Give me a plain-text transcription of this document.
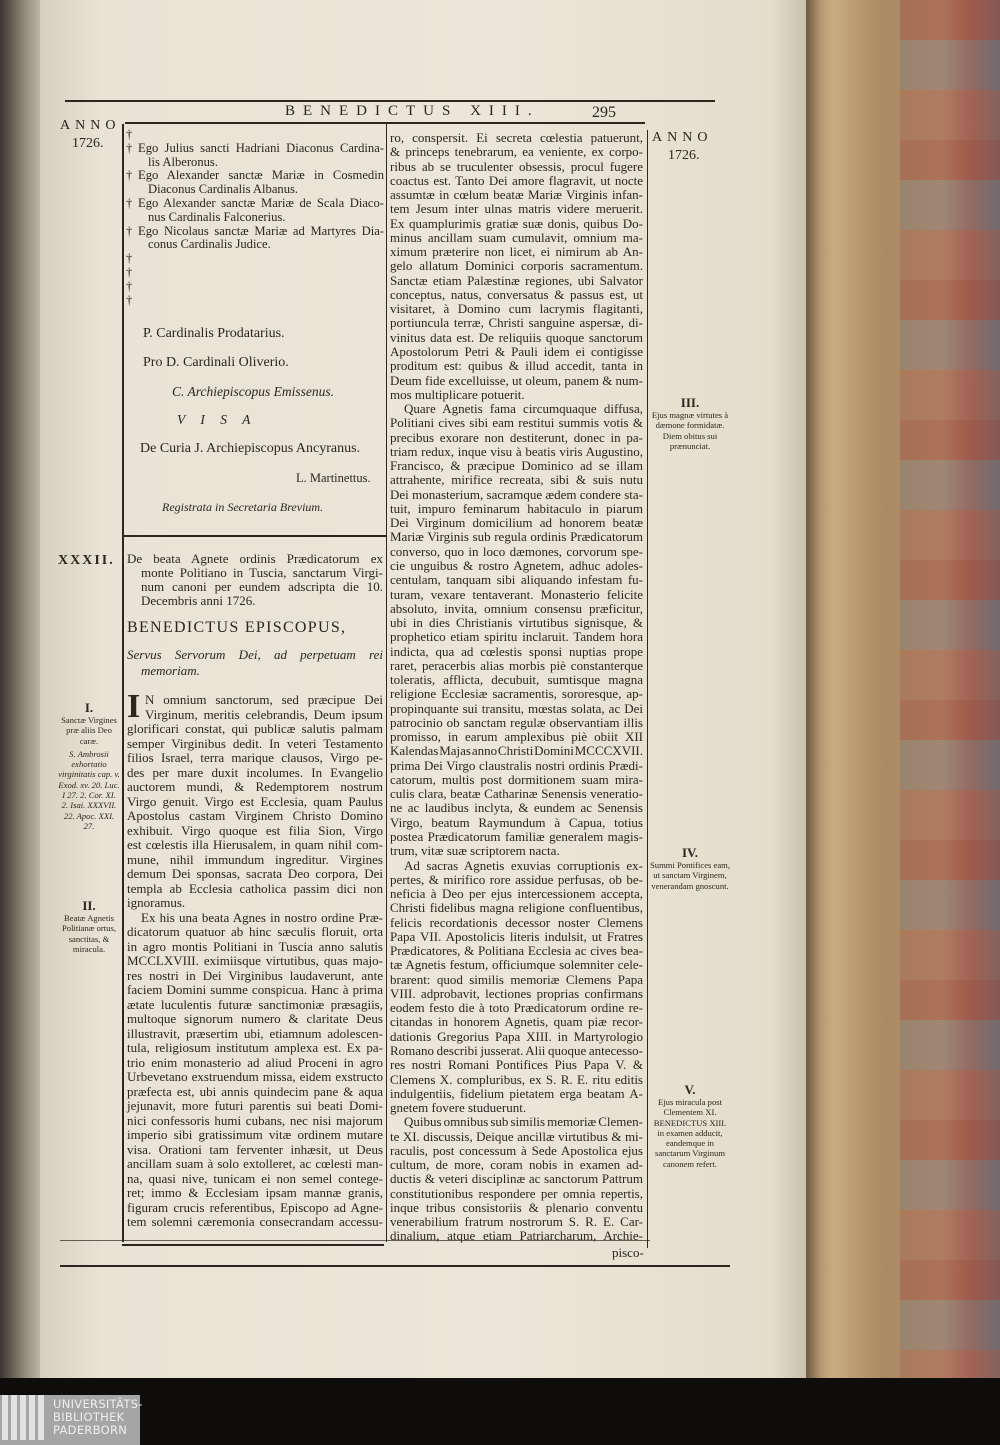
BENEDICTUS XIII.	295
ANNO
1726.	ANNO
1726.
†
† Ego Julius sancti Hadriani Diaconus Cardina-
lis Alberonus.
† Ego Alexander sanctæ Mariæ in Cosmedin
Diaconus Cardinalis Albanus.
† Ego Alexander sanctæ Mariæ de Scala Diaco-
nus Cardinalis Falconerius.
† Ego Nicolaus sanctæ Mariæ ad Martyres Dia-
conus Cardinalis Judice.
†
†
†
†
P. Cardinalis Prodatarius.
Pro D. Cardinali Oliverio.
C. Archiepiscopus Emissenus.
V I S A
De Curia J. Archiepiscopus Ancyranus.
L. Martinettus.
Registrata in Secretaria Brevium.
XXXII. De beata Agnete ordinis Prædicatorum ex
monte Politiano in Tuscia, sanctarum Virgi-
num canoni per eundem adscripta die 10.
Decembris anni 1726.
BENEDICTUS EPISCOPUS,
Servus Servorum Dei, ad perpetuam rei
memoriam.
I N omnium sanctorum, sed præcipue Dei
Virginum, meritis celebrandis, Deum ipsum
glorificari constat, qui publicæ salutis palmam
semper Virginibus dedit. In veteri Testamento
filios Israel, terra marique clausos, Virgo pe-
des per mare duxit incolumes. In Evangelio
auctorem mundi, & Redemptorem nostrum
Virgo genuit. Virgo est Ecclesia, quam Paulus
Apostolus castam Virginem Christo Domino
exhibuit. Virgo quoque est filia Sion, Virgo
est cœlestis illa Hierusalem, in quam nihil com-
mune, nihil immundum ingreditur. Virgines
demum Dei sponsas, sacrata Deo corpora, Dei
templa ab Ecclesia catholica passim dici non
ignoramus.
Ex his una beata Agnes in nostro ordine Præ-
dicatorum quatuor ab hinc sæculis floruit, orta
in agro montis Politiani in Tuscia anno salutis
MCCLXVIII. eximiisque virtutibus, quas majo-
res nostri in Dei Virginibus laudaverunt, ante
faciem Domini summe conspicua. Hanc à prima
ætate luculentis futuræ sanctimoniæ præsagiis,
multoque signorum numero & claritate Deus
illustravit, præsertim ubi, etiamnum adolescen-
tula, religiosum institutum amplexa est. Ex pa-
trio enim monasterio ad aliud Proceni in agro
Urbevetano exstruendum missa, eidem exstructo
præfecta est, ubi annis quindecim pane & aqua
jejunavit, more futuri parentis sui beati Domi-
nici confessoris humi cubans, nec nisi majorum
imperio sibi gratissimum vitæ ordinem mutare
visa. Orationi tam ferventer inhæsit, ut Deus
ancillam suam à solo extolleret, ac cœlesti man-
na, quasi nive, tunicam ei non semel contege-
ret; immo & Ecclesiam ipsam mannæ granis,
figuram crucis referentibus, Episcopo ad Agne-
tem solemni cæremonia consecrandam accessu-
ro, conspersit. Ei secreta cœlestia patuerunt,
& princeps tenebrarum, ea veniente, ex corpo-
ribus ab se truculenter obsessis, procul fugere
coactus est. Tanto Dei amore flagravit, ut nocte
assumtæ in cœlum beatæ Mariæ Virginis infan-
tem Jesum inter ulnas matris videre meruerit.
Ex quamplurimis gratiæ suæ donis, quibus Do-
minus ancillam suam cumulavit, omnium ma-
ximum præterire non licet, ei nimirum ab An-
gelo allatum Dominici corporis sacramentum.
Sanctæ etiam Palæstinæ regiones, ubi Salvator
conceptus, natus, conversatus & passus est, ut
visitaret, à Domino cum lacrymis flagitanti,
portiuncula terræ, Christi sanguine aspersæ, di-
vinitus data est. De reliquiis quoque sanctorum
Apostolorum Petri & Pauli idem ei contigisse
proditum est: quibus & illud accedit, tanta in
Deum fide excelluisse, ut oleum, panem & num-
mos multiplicare potuerit.
Quare Agnetis fama circumquaque diffusa,
Politiani cives sibi eam restitui summis votis &
precibus exorare non destiterunt, donec in pa-
triam redux, inque visu à beatis viris Augustino,
Francisco, & præcipue Dominico ad se illam
attrahente, mirifice recreata, sibi & suis nutu
Dei monasterium, sacramque ædem condere sta-
tuit, impuro feminarum habitaculo in piarum
Dei Virginum domicilium ad honorem beatæ
Mariæ Virginis sub regula ordinis Prædicatorum
converso, quo in loco dæmones, corvorum spe-
cie unguibus & rostro Agnetem, adhuc adoles-
centulam, tanquam sibi aliquando infestam fu-
turam, vexare tentaverant. Monasterio felicite
absoluto, invita, omnium consensu præficitur,
ubi in dies Christianis virtutibus signisque, &
prophetico etiam spiritu inclaruit. Tandem hora
indicta, qua ad cœlestis sponsi nuptias prope
raret, peracerbis alias morbis piè constanterque
toleratis, afflicta, decubuit, sumtisque magna
religione Ecclesiæ sacramentis, sororesque, ap-
propinquante sui transitu, mœstas solata, ac Dei
patrocinio ob sanctam regulæ observantiam illis
promisso, in earum amplexibus piè obiit XII
Kalendas Majas anno Christi Domini MCCCXVII.
prima Dei Virgo claustralis nostri ordinis Prædi-
catorum, multis post dormitionem suam mira-
culis clara, beatæ Catharinæ Senensis veneratio-
ne ac laudibus inclyta, & eundem ac Senensis
Virgo, beatum Raymundum à Capua, totius
postea Prædicatorum familiæ generalem magis-
trum, vitæ suæ scriptorem nacta.
Ad sacras Agnetis exuvias corruptionis ex-
pertes, & mirifico rore assidue perfusas, ob be-
neficia à Deo per ejus intercessionem accepta,
Christi fidelibus magna religione confluentibus,
felicis recordationis decessor noster Clemens
Papa VII. Apostolicis literis indulsit, ut Fratres
Prædicatores, & Politiana Ecclesia ac cives bea-
tæ Agnetis festum, officiumque solemniter cele-
brarent: quod similis memoriæ Clemens Papa
VIII. adprobavit, lectiones proprias confirmans
eodem festo die à toto Prædicatorum ordine re-
citandas in honorem Agnetis, quam piæ recor-
dationis Gregorius Papa XIII. in Martyrologio
Romano describi jusserat. Alii quoque antecesso-
res nostri Romani Pontifices Pius Papa V. &
Clemens X. compluribus, ex S. R. E. ritu editis
indulgentiis, fidelium pietatem erga beatam A-
gnetem fovere studuerunt.
Quibus omnibus sub similis memoriæ Clemen-
te XI. discussis, Deique ancillæ virtutibus & mi-
raculis, post concessum à Sede Apostolica ejus
cultum, de more, coram nobis in examen ad-
ductis & veteri disciplinæ ac sanctorum Pattrum
constitutionibus respondere per omnia repertis,
inque tribus consistoriis & plenario conventu
venerabilium fratrum nostrorum S. R. E. Car-
dinalium, atque etiam Patriarcharum, Archie-
pisco-
I.
Sanctæ Virgines præ aliis Deo caræ.
S. Ambrosii exhortatio virginitatis cap. v. Exod. xv. 20. Luc. I 27. 2. Cor. XI. 2. Isai. XXXVII. 22. Apoc. XXI. 27.
II.
Beatæ Agnetis Politianæ ortus, sanctitas, & miracula.
III.
Ejus magnæ virtutes à dæmone formidatæ. Diem obitus sui prænunciat.
IV.
Summi Pontifices eam, ut sanctam Virginem, venerandam gnoscunt.
V.
Ejus miracula post Clementem XI. BENEDICTUS XIII. in examen adducit, eandemque in sanctarum Virginum canonem refert.
UNIVERSITÄTS-
BIBLIOTHEK
PADERBORN
